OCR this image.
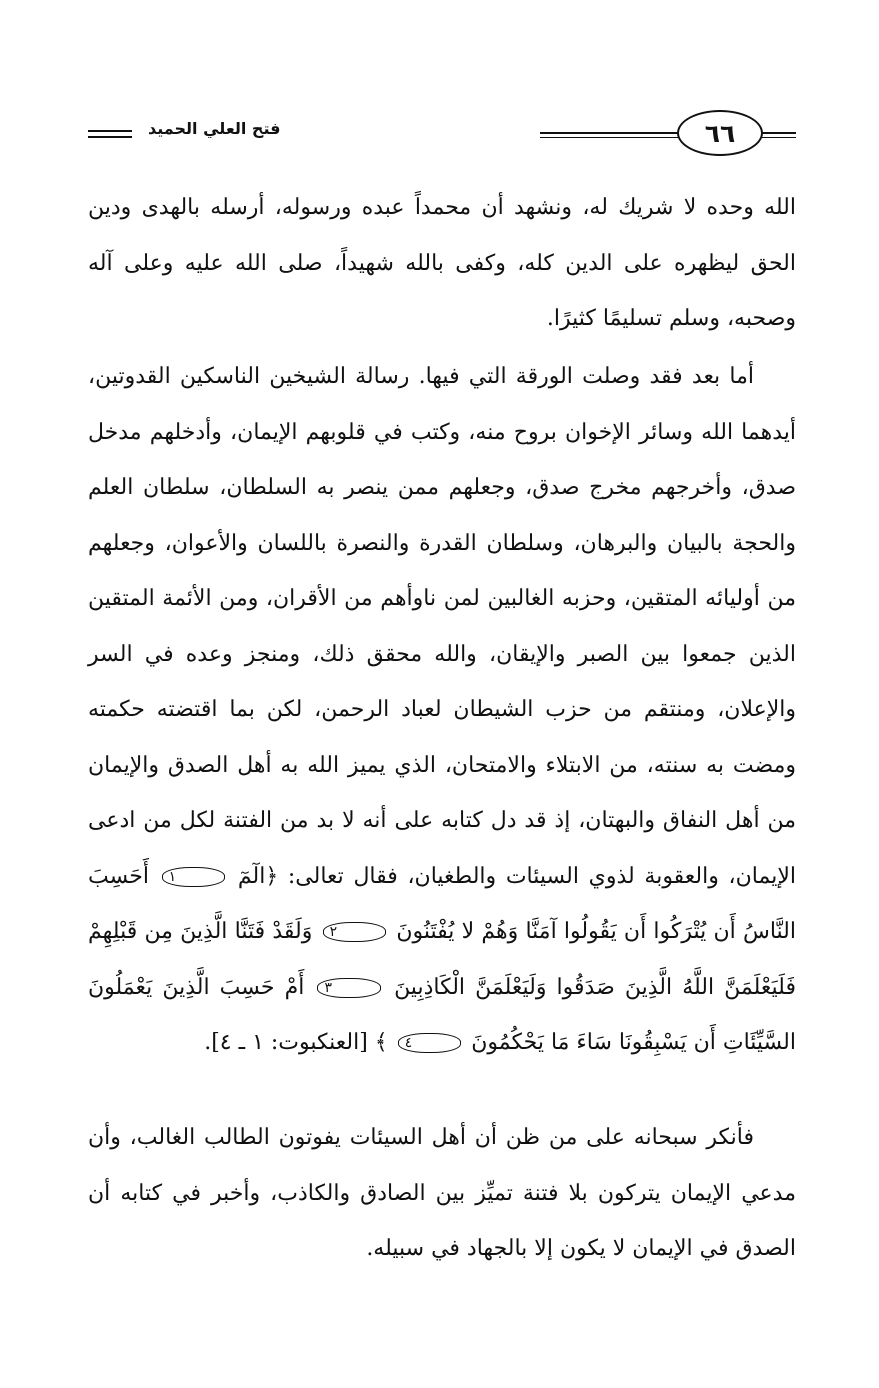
٦٦
فتح العلي الحميد
الله وحده لا شريك له، ونشهد أن محمداً عبده ورسوله، أرسله بالهدى ودين الحق ليظهره على الدين كله، وكفى بالله شهيداً، صلى الله عليه وعلى آله وصحبه، وسلم تسليمًا كثيرًا.
أما بعد فقد وصلت الورقة التي فيها. رسالة الشيخين الناسكين القدوتين، أيدهما الله وسائر الإخوان بروح منه، وكتب في قلوبهم الإيمان، وأدخلهم مدخل صدق، وأخرجهم مخرج صدق، وجعلهم ممن ينصر به السلطان، سلطان العلم والحجة بالبيان والبرهان، وسلطان القدرة والنصرة باللسان والأعوان، وجعلهم من أوليائه المتقين، وحزبه الغالبين لمن ناوأهم من الأقران، ومن الأئمة المتقين الذين جمعوا بين الصبر والإيقان، والله محقق ذلك، ومنجز وعده في السر والإعلان، ومنتقم من حزب الشيطان لعباد الرحمن، لكن بما اقتضته حكمته ومضت به سنته، من الابتلاء والامتحان، الذي يميز الله به أهل الصدق والإيمان من أهل النفاق والبهتان، إذ قد دل كتابه على أنه لا بد من الفتنة لكل من ادعى الإيمان، والعقوبة لذوي السيئات والطغيان، فقال تعالى: ﴿الٓمٓ ١ أَحَسِبَ النَّاسُ أَن يُتْرَكُوا أَن يَقُولُوا آمَنَّا وَهُمْ لا يُفْتَنُونَ ٢ وَلَقَدْ فَتَنَّا الَّذِينَ مِن قَبْلِهِمْ فَلَيَعْلَمَنَّ اللَّهُ الَّذِينَ صَدَقُوا وَلَيَعْلَمَنَّ الْكَاذِبِينَ ٣ أَمْ حَسِبَ الَّذِينَ يَعْمَلُونَ السَّيِّئَاتِ أَن يَسْبِقُونَا سَاءَ مَا يَحْكُمُونَ ٤ ﴾ [العنكبوت: ١ ـ ٤].
فأنكر سبحانه على من ظن أن أهل السيئات يفوتون الطالب الغالب، وأن مدعي الإيمان يتركون بلا فتنة تميِّز بين الصادق والكاذب، وأخبر في كتابه أن الصدق في الإيمان لا يكون إلا بالجهاد في سبيله.
